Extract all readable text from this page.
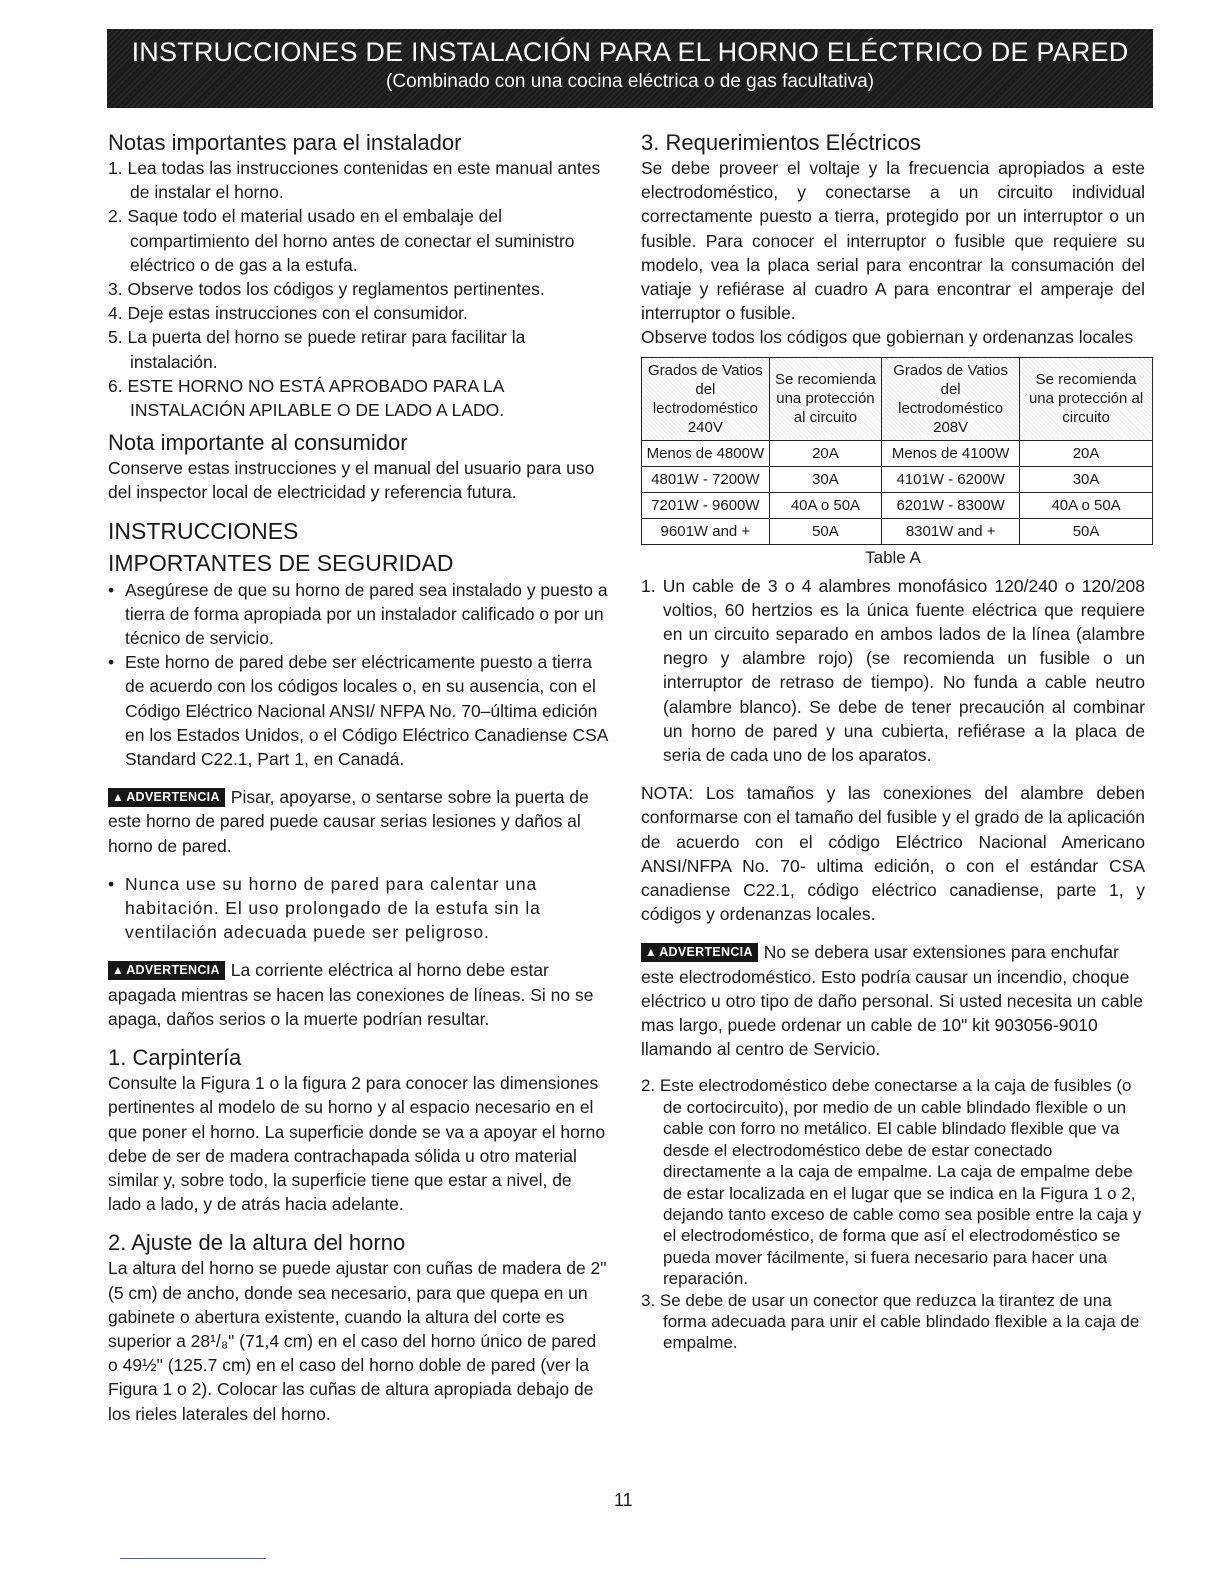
INSTRUCCIONES DE INSTALACIÓN PARA EL HORNO ELÉCTRICO DE PARED
(Combinado con una cocina eléctrica o de gas facultativa)
Notas importantes para el instalador
1. Lea todas las instrucciones contenidas en este manual antes de instalar el horno.
2. Saque todo el material usado en el embalaje del compartimiento del horno antes de conectar el suministro eléctrico o de gas a la estufa.
3. Observe todos los códigos y reglamentos pertinentes.
4. Deje estas instrucciones con el consumidor.
5. La puerta del horno se puede retirar para facilitar la instalación.
6. ESTE HORNO NO ESTÁ APROBADO PARA LA INSTALACIÓN APILABLE O DE LADO A LADO.
Nota importante al consumidor

Conserve estas instrucciones y el manual del usuario para uso del inspector local de electricidad y referencia futura.

INSTRUCCIONES
IMPORTANTES DE SEGURIDAD
• Asegúrese de que su horno de pared sea instalado y puesto a tierra de forma apropiada por un instalador calificado o por un técnico de servicio.
• Este horno de pared debe ser eléctricamente puesto a tierra de acuerdo con los códigos locales o, en su ausencia, con el Código Eléctrico Nacional ANSI/ NFPA No. 70–última edición en los Estados Unidos, o el Código Eléctrico Canadiense CSA Standard C22.1, Part 1, en Canadá.

▲ ADVERTENCIA Pisar, apoyarse, o sentarse sobre la puerta de este horno de pared puede causar serias lesiones y daños al horno de pared.

• Nunca use su horno de pared para calentar una habitación. El uso prolongado de la estufa sin la ventilación adecuada puede ser peligroso.

▲ ADVERTENCIA La corriente eléctrica al horno debe estar apagada mientras se hacen las conexiones de líneas. Si no se apaga, daños serios o la muerte podrían resultar.

1. Carpintería

Consulte la Figura 1 o la figura 2 para conocer las dimensiones pertinentes al modelo de su horno y al espacio necesario en el que poner el horno. La superficie donde se va a apoyar el horno debe de ser de madera contrachapada sólida u otro material similar y, sobre todo, la superficie tiene que estar a nivel, de lado a lado, y de atrás hacia adelante.

2. Ajuste de la altura del horno

La altura del horno se puede ajustar con cuñas de madera de 2" (5 cm) de ancho, donde sea necesario, para que quepa en un gabinete o abertura existente, cuando la altura del corte es superior a 28¹/₈" (71,4 cm) en el caso del horno único de pared o 49½" (125.7 cm) en el caso del horno doble de pared (ver la Figura 1 o 2). Colocar las cuñas de altura apropiada debajo de los rieles laterales del horno.

3. Requerimientos Eléctricos

Se debe proveer el voltaje y la frecuencia apropiados a este electrodoméstico, y conectarse a un circuito individual correctamente puesto a tierra, protegido por un interruptor o un fusible. Para conocer el interruptor o fusible que requiere su modelo, vea la placa serial para encontrar la consumación del vatiaje y refiérase al cuadro A para encontrar el amperaje del interruptor o fusible.

Observe todos los códigos que gobiernan y ordenanzas locales

Grados de Vatios del lectrodoméstico 240V	Se recomienda una protección al circuito	Grados de Vatios del lectrodoméstico 208V	Se recomienda una protección al circuito
Menos de 4800W	20A	Menos de 4100W	20A
4801W - 7200W	30A	4101W - 6200W	30A
7201W - 9600W	40A o 50A	6201W - 8300W	40A o 50A
9601W and +	50A	8301W and +	50A
Table A
1. Un cable de 3 o 4 alambres monofásico 120/240 o 120/208 voltios, 60 hertzios es la única fuente eléctrica que requiere en un circuito separado en ambos lados de la línea (alambre negro y alambre rojo) (se recomienda un fusible o un interruptor de retraso de tiempo). No funda a cable neutro (alambre blanco). Se debe de tener precaución al combinar un horno de pared y una cubierta, refiérase a la placa de seria de cada uno de los aparatos.

NOTA: Los tamaños y las conexiones del alambre deben conformarse con el tamaño del fusible y el grado de la aplicación de acuerdo con el código Eléctrico Nacional Americano ANSI/NFPA No. 70- ultima edición, o con el estándar CSA canadiense C22.1, código eléctrico canadiense, parte 1, y códigos y ordenanzas locales.

▲ ADVERTENCIA No se debera usar extensiones para enchufar este electrodoméstico. Esto podría causar un incendio, choque eléctrico u otro tipo de daño personal. Si usted necesita un cable mas largo, puede ordenar un cable de 10" kit 903056-9010 llamando al centro de Servicio.

2. Este electrodoméstico debe conectarse a la caja de fusibles (o de cortocircuito), por medio de un cable blindado flexible o un cable con forro no metálico. El cable blindado flexible que va desde el electrodoméstico debe de estar conectado directamente a la caja de empalme. La caja de empalme debe de estar localizada en el lugar que se indica en la Figura 1 o 2, dejando tanto exceso de cable como sea posible entre la caja y el electrodoméstico, de forma que así el electrodoméstico se pueda mover fácilmente, si fuera necesario para hacer una reparación.
3. Se debe de usar un conector que reduzca la tirantez de una forma adecuada para unir el cable blindado flexible a la caja de empalme.
11
